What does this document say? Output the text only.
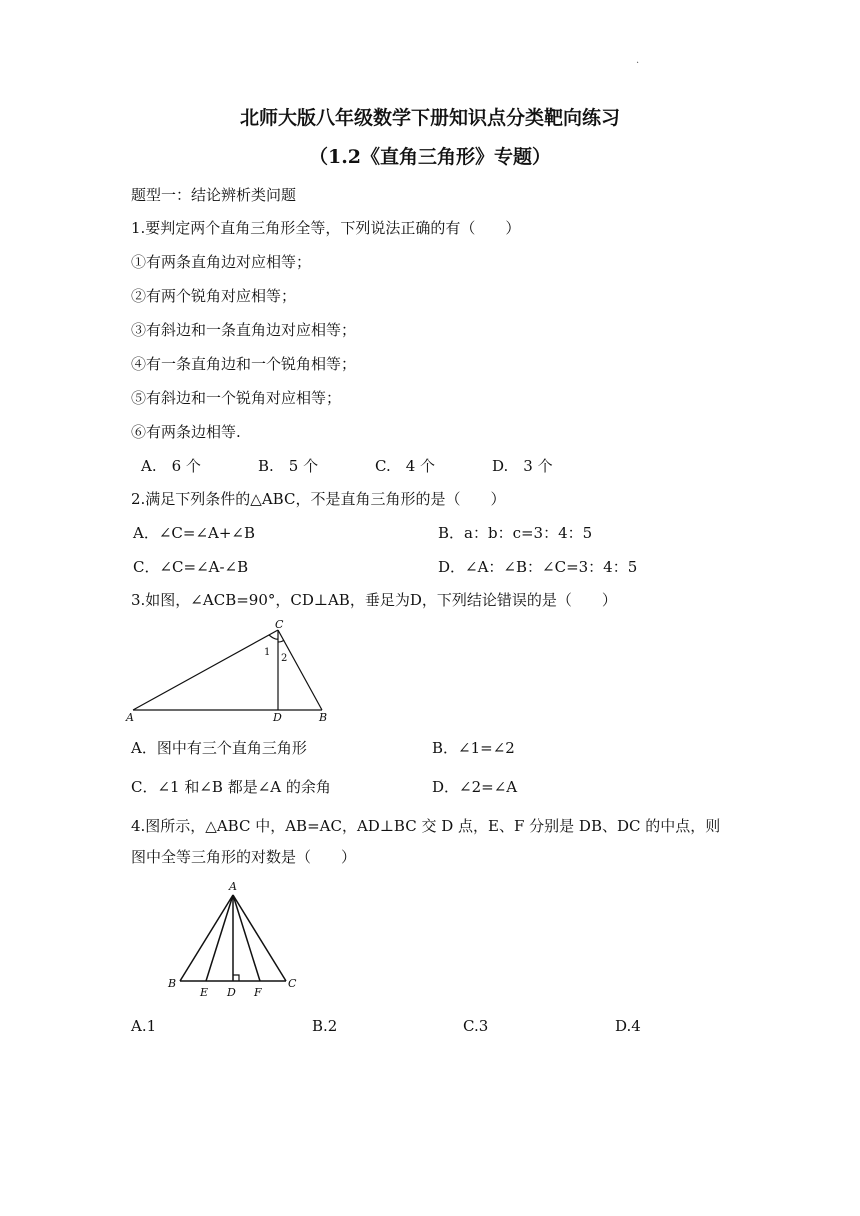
·
北师大版八年级数学下册知识点分类靶向练习
（1.2《直角三角形》专题）
题型一：结论辨析类问题
1.要判定两个直角三角形全等，下列说法正确的有（　　）
①有两条直角边对应相等；
②有两个锐角对应相等；
③有斜边和一条直角边对应相等；
④有一条直角边和一个锐角相等；
⑤有斜边和一个锐角对应相等；
⑥有两条边相等.
A.　6 个	B.　5 个	C.　4 个	D.　3 个
2.满足下列条件的△ABC，不是直角三角形的是（　　）
A．∠C=∠A+∠B	B．a：b：c=3：4：5
C．∠C=∠A-∠B	D．∠A：∠B：∠C=3：4：5
3.如图，∠ACB=90°，CD⊥AB，垂足为D，下列结论错误的是（　　）
A
C
D	B
1
2
A．图中有三个直角三角形	B．∠1=∠2
C．∠1 和∠B 都是∠A 的余角	D．∠2=∠A
4.图所示，△ABC 中，AB=AC，AD⊥BC 交 D 点，E、F 分别是 DB、DC 的中点，则
图中全等三角形的对数是（　　）
A
B
E D F
C
A.1	B.2	C.3	D.4
